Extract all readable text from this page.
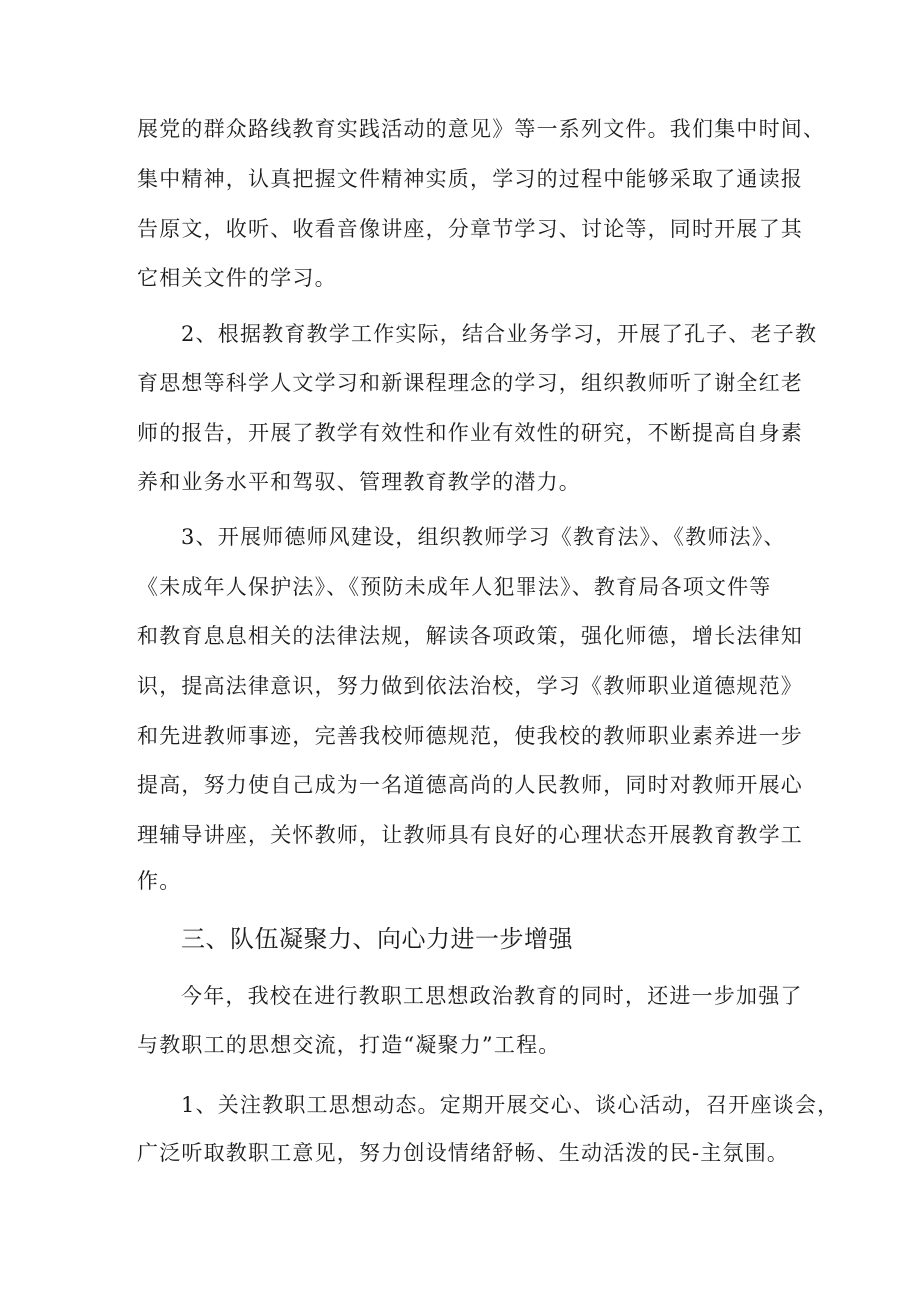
展党的群众路线教育实践活动的意见》等一系列文件。我们集中时间、
集中精神，认真把握文件精神实质，学习的过程中能够采取了通读报
告原文，收听、收看音像讲座，分章节学习、讨论等，同时开展了其
它相关文件的学习。
2、根据教育教学工作实际，结合业务学习，开展了孔子、老子教
育思想等科学人文学习和新课程理念的学习，组织教师听了谢全红老
师的报告，开展了教学有效性和作业有效性的研究，不断提高自身素
养和业务水平和驾驭、管理教育教学的潜力。
3、开展师德师风建设，组织教师学习《教育法》、《教师法》、
《未成年人保护法》、《预防未成年人犯罪法》、教育局各项文件等
和教育息息相关的法律法规，解读各项政策，强化师德，增长法律知
识，提高法律意识，努力做到依法治校，学习《教师职业道德规范》
和先进教师事迹，完善我校师德规范，使我校的教师职业素养进一步
提高，努力使自己成为一名道德高尚的人民教师，同时对教师开展心
理辅导讲座，关怀教师，让教师具有良好的心理状态开展教育教学工
作。
三、队伍凝聚力、向心力进一步增强
今年，我校在进行教职工思想政治教育的同时，还进一步加强了
与教职工的思想交流，打造“凝聚力”工程。
1、关注教职工思想动态。定期开展交心、谈心活动，召开座谈会，
广泛听取教职工意见，努力创设情绪舒畅、生动活泼的民-主氛围。
